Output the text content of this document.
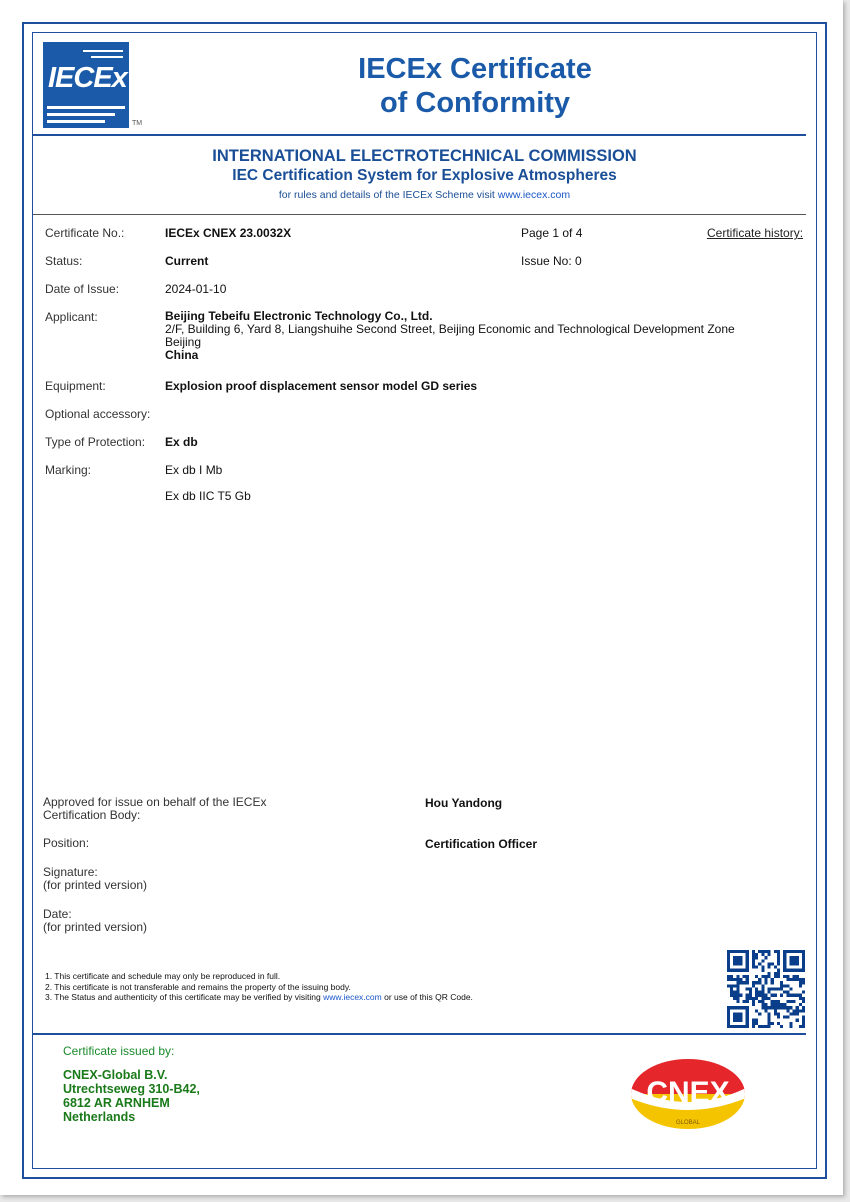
IECEx
TM
IECEx Certificate
of Conformity
INTERNATIONAL ELECTROTECHNICAL COMMISSION
IEC Certification System for Explosive Atmospheres
for rules and details of the IECEx Scheme visit www.iecex.com
Certificate No.:	IECEx CNEX 23.0032X	Page 1 of 4	Certificate history:
Status:	Current	Issue No: 0
Date of Issue:	2024-01-10
Applicant:	Beijing Tebeifu Electronic Technology Co., Ltd.
2/F, Building 6, Yard 8, Liangshuihe Second Street, Beijing Economic and Technological Development Zone
Beijing
China
Equipment:	Explosion proof displacement sensor model GD series
Optional accessory:
Type of Protection: Ex db
Marking:	Ex db I Mb
Ex db IIC T5 Gb
Approved for issue on behalf of the IECEx
Certification Body:
Hou Yandong
Position:	Certification Officer
Signature:
(for printed version)
Date:
(for printed version)
1. This certificate and schedule may only be reproduced in full.
2. This certificate is not transferable and remains the property of the issuing body.
3. The Status and authenticity of this certificate may be verified by visiting www.iecex.com or use of this QR Code.
Certificate issued by:
CNEX-Global B.V.
Utrechtseweg 310-B42,
6812 AR ARNHEM
Netherlands
CNEX
GLOBAL
